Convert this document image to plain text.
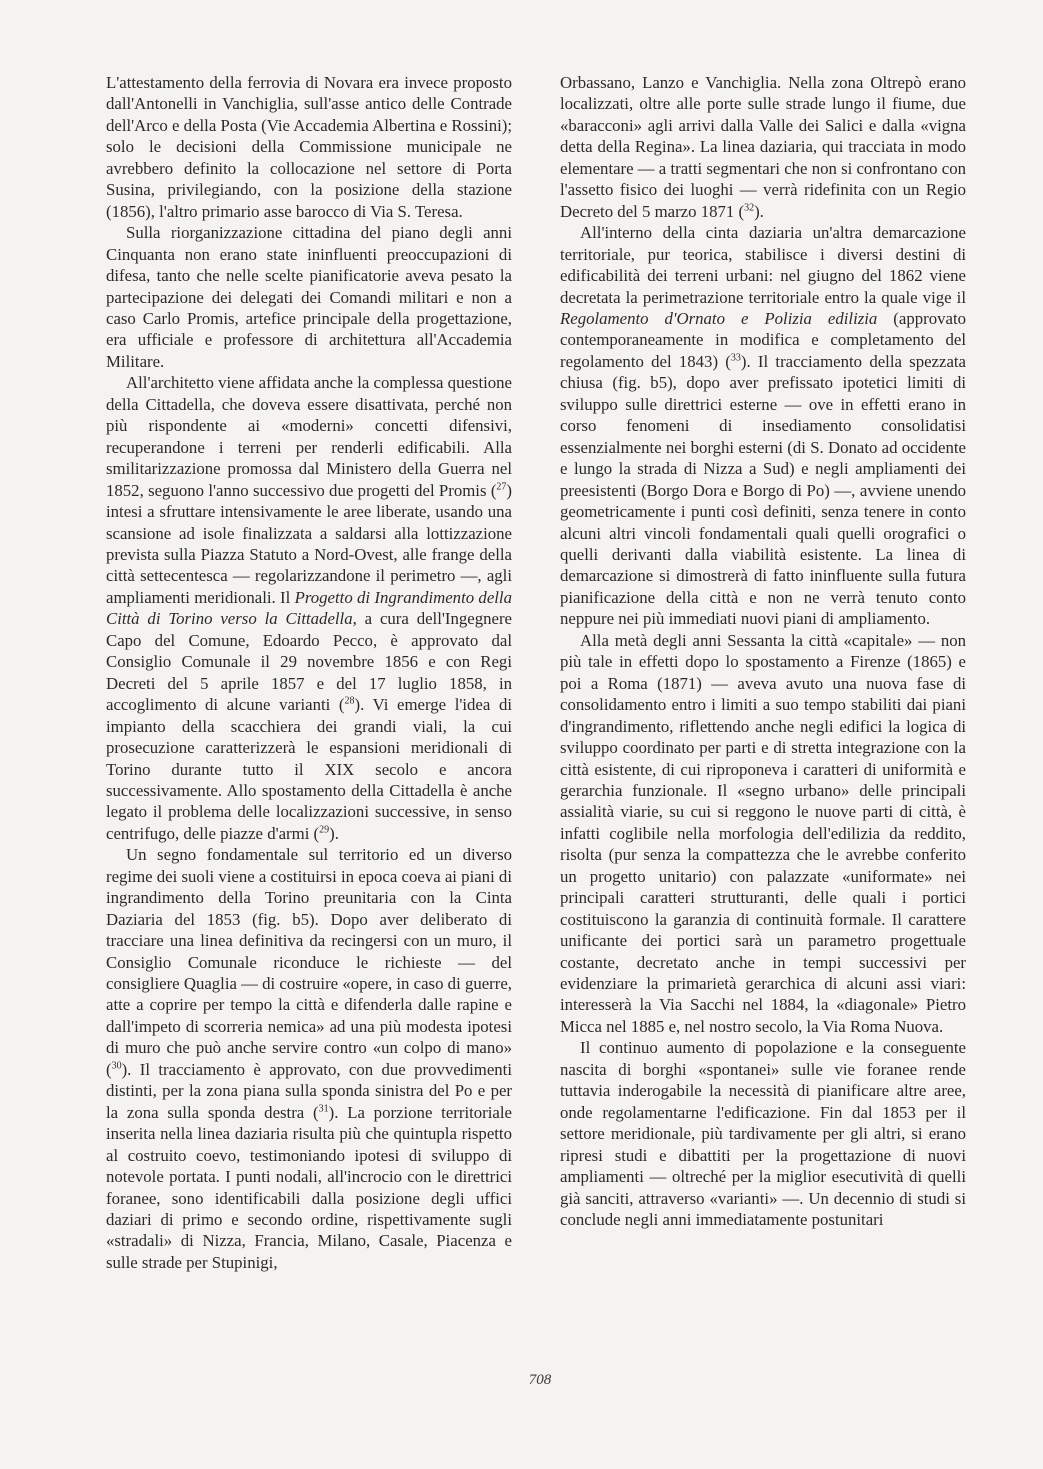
L'attestamento della ferrovia di Novara era invece proposto dall'Antonelli in Vanchiglia, sull'asse antico delle Contrade dell'Arco e della Posta (Vie Accademia Albertina e Rossini); solo le decisioni della Commissione municipale ne avrebbero definito la collocazione nel settore di Porta Susina, privilegiando, con la posizione della stazione (1856), l'altro primario asse barocco di Via S. Teresa.

Sulla riorganizzazione cittadina del piano degli anni Cinquanta non erano state ininfluenti preoccupazioni di difesa, tanto che nelle scelte pianificatorie aveva pesato la partecipazione dei delegati dei Comandi militari e non a caso Carlo Promis, artefice principale della progettazione, era ufficiale e professore di architettura all'Accademia Militare.

All'architetto viene affidata anche la complessa questione della Cittadella, che doveva essere disattivata, perché non più rispondente ai «moderni» concetti difensivi, recuperandone i terreni per renderli edificabili. Alla smilitarizzazione promossa dal Ministero della Guerra nel 1852, seguono l'anno successivo due progetti del Promis ($^{27}$) intesi a sfruttare intensivamente le aree liberate, usando una scansione ad isole finalizzata a saldarsi alla lottizzazione prevista sulla Piazza Statuto a Nord-Ovest, alle frange della città settecentesca — regolarizzandone il perimetro —, agli ampliamenti meridionali. Il Progetto di Ingrandimento della Città di Torino verso la Cittadella, a cura dell'Ingegnere Capo del Comune, Edoardo Pecco, è approvato dal Consiglio Comunale il 29 novembre 1856 e con Regi Decreti del 5 aprile 1857 e del 17 luglio 1858, in accoglimento di alcune varianti ($^{28}$). Vi emerge l'idea di impianto della scacchiera dei grandi viali, la cui prosecuzione caratterizzerà le espansioni meridionali di Torino durante tutto il XIX secolo e ancora successivamente. Allo spostamento della Cittadella è anche legato il problema delle localizzazioni successive, in senso centrifugo, delle piazze d'armi ($^{29}$).

Un segno fondamentale sul territorio ed un diverso regime dei suoli viene a costituirsi in epoca coeva ai piani di ingrandimento della Torino preunitaria con la Cinta Daziaria del 1853 (fig. b5). Dopo aver deliberato di tracciare una linea definitiva da recingersi con un muro, il Consiglio Comunale riconduce le richieste — del consigliere Quaglia — di costruire «opere, in caso di guerre, atte a coprire per tempo la città e difenderla dalle rapine e dall'impeto di scorreria nemica» ad una più modesta ipotesi di muro che può anche servire contro «un colpo di mano» ($^{30}$). Il tracciamento è approvato, con due provvedimenti distinti, per la zona piana sulla sponda sinistra del Po e per la zona sulla sponda destra ($^{31}$). La porzione territoriale inserita nella linea daziaria risulta più che quintupla rispetto al costruito coevo, testimoniando ipotesi di sviluppo di notevole portata. I punti nodali, all'incrocio con le direttrici foranee, sono identificabili dalla posizione degli uffici daziari di primo e secondo ordine, rispettivamente sugli «stradali» di Nizza, Francia, Milano, Casale, Piacenza e sulle strade per Stupinigi,

Orbassano, Lanzo e Vanchiglia. Nella zona Oltrepò erano localizzati, oltre alle porte sulle strade lungo il fiume, due «baracconi» agli arrivi dalla Valle dei Salici e dalla «vigna detta della Regina». La linea daziaria, qui tracciata in modo elementare — a tratti segmentari che non si confrontano con l'assetto fisico dei luoghi — verrà ridefinita con un Regio Decreto del 5 marzo 1871 ($^{32}$).

All'interno della cinta daziaria un'altra demarcazione territoriale, pur teorica, stabilisce i diversi destini di edificabilità dei terreni urbani: nel giugno del 1862 viene decretata la perimetrazione territoriale entro la quale vige il Regolamento d'Ornato e Polizia edilizia (approvato contemporaneamente in modifica e completamento del regolamento del 1843) ($^{33}$). Il tracciamento della spezzata chiusa (fig. b5), dopo aver prefissato ipotetici limiti di sviluppo sulle direttrici esterne — ove in effetti erano in corso fenomeni di insediamento consolidatisi essenzialmente nei borghi esterni (di S. Donato ad occidente e lungo la strada di Nizza a Sud) e negli ampliamenti dei preesistenti (Borgo Dora e Borgo di Po) —, avviene unendo geometricamente i punti così definiti, senza tenere in conto alcuni altri vincoli fondamentali quali quelli orografici o quelli derivanti dalla viabilità esistente. La linea di demarcazione si dimostrerà di fatto ininfluente sulla futura pianificazione della città e non ne verrà tenuto conto neppure nei più immediati nuovi piani di ampliamento.

Alla metà degli anni Sessanta la città «capitale» — non più tale in effetti dopo lo spostamento a Firenze (1865) e poi a Roma (1871) — aveva avuto una nuova fase di consolidamento entro i limiti a suo tempo stabiliti dai piani d'ingrandimento, riflettendo anche negli edifici la logica di sviluppo coordinato per parti e di stretta integrazione con la città esistente, di cui riproponeva i caratteri di uniformità e gerarchia funzionale. Il «segno urbano» delle principali assialità viarie, su cui si reggono le nuove parti di città, è infatti coglibile nella morfologia dell'edilizia da reddito, risolta (pur senza la compattezza che le avrebbe conferito un progetto unitario) con palazzate «uniformate» nei principali caratteri strutturanti, delle quali i portici costituiscono la garanzia di continuità formale. Il carattere unificante dei portici sarà un parametro progettuale costante, decretato anche in tempi successivi per evidenziare la primarietà gerarchica di alcuni assi viari: interesserà la Via Sacchi nel 1884, la «diagonale» Pietro Micca nel 1885 e, nel nostro secolo, la Via Roma Nuova.

Il continuo aumento di popolazione e la conseguente nascita di borghi «spontanei» sulle vie foranee rende tuttavia inderogabile la necessità di pianificare altre aree, onde regolamentarne l'edificazione. Fin dal 1853 per il settore meridionale, più tardivamente per gli altri, si erano ripresi studi e dibattiti per la progettazione di nuovi ampliamenti — oltreché per la miglior esecutività di quelli già sanciti, attraverso «varianti» —. Un decennio di studi si conclude negli anni immediatamente postunitari

708
